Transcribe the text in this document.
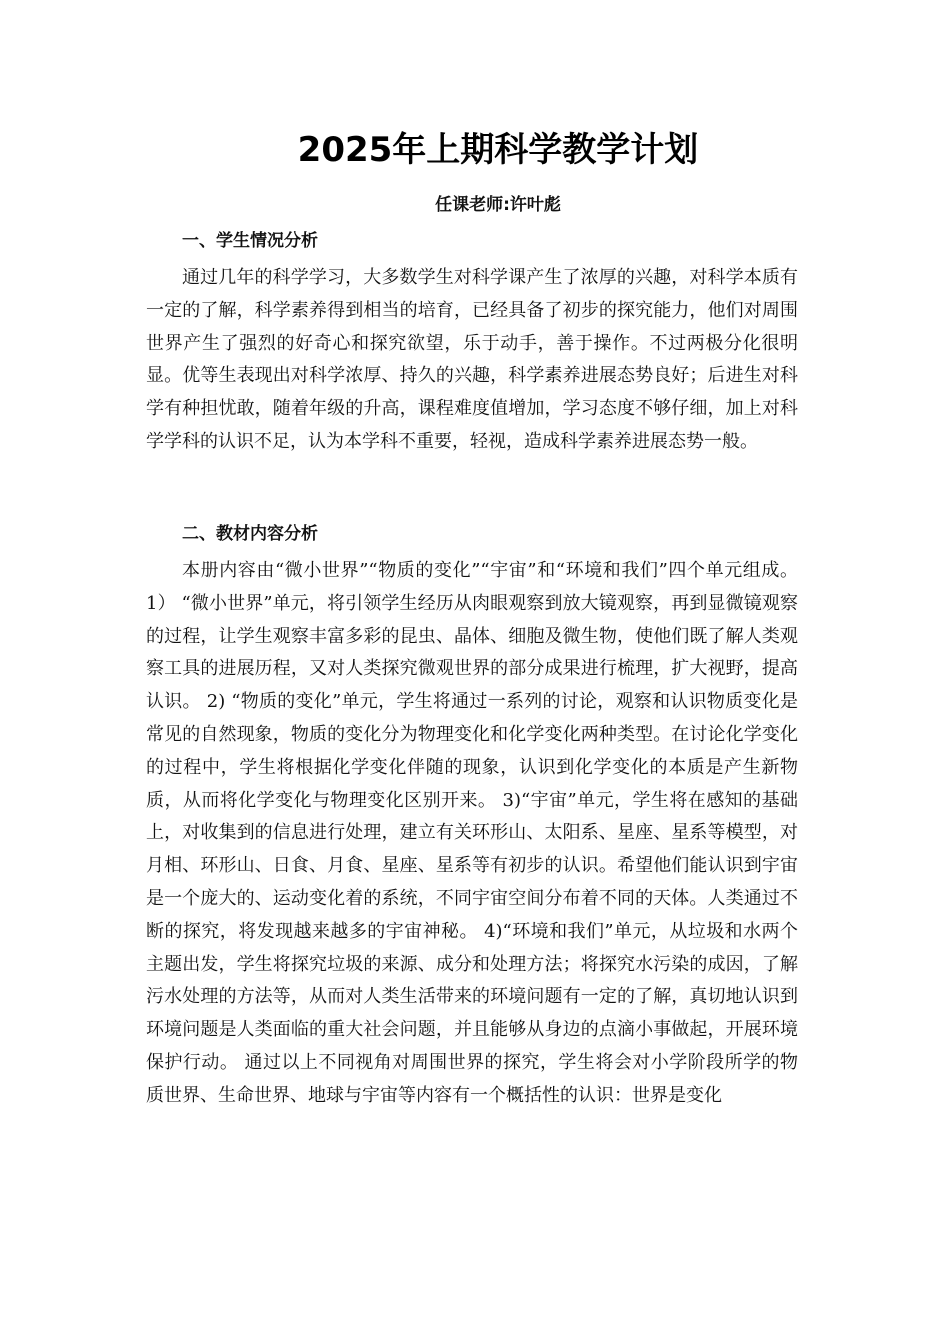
2025年上期科学教学计划
任课老师:许叶彪
一、学生情况分析

通过几年的科学学习，大多数学生对科学课产生了浓厚的兴趣，对科学本质有一定的了解，科学素养得到相当的培育，已经具备了初步的探究能力，他们对周围世界产生了强烈的好奇心和探究欲望，乐于动手，善于操作。不过两极分化很明显。优等生表现出对科学浓厚、持久的兴趣，科学素养进展态势良好；后进生对科学有种担忧敢，随着年级的升高，课程难度值增加，学习态度不够仔细，加上对科学学科的认识不足，认为本学科不重要，轻视，造成科学素养进展态势一般。

二、教材内容分析

本册内容由“微小世界”“物质的变化”“宇宙”和“环境和我们”四个单元组成。1） “微小世界”单元，将引领学生经历从肉眼观察到放大镜观察，再到显微镜观察的过程，让学生观察丰富多彩的昆虫、晶体、细胞及微生物，使他们既了解人类观察工具的进展历程，又对人类探究微观世界的部分成果进行梳理，扩大视野，提高认识。 2) “物质的变化”单元，学生将通过一系列的讨论，观察和认识物质变化是常见的自然现象，物质的变化分为物理变化和化学变化两种类型。在讨论化学变化的过程中，学生将根据化学变化伴随的现象，认识到化学变化的本质是产生新物质，从而将化学变化与物理变化区别开来。 3)“宇宙”单元，学生将在感知的基础上，对收集到的信息进行处理，建立有关环形山、太阳系、星座、星系等模型，对月相、环形山、日食、月食、星座、星系等有初步的认识。希望他们能认识到宇宙是一个庞大的、运动变化着的系统，不同宇宙空间分布着不同的天体。人类通过不断的探究，将发现越来越多的宇宙神秘。 4)“环境和我们”单元，从垃圾和水两个主题出发，学生将探究垃圾的来源、成分和处理方法；将探究水污染的成因，了解污水处理的方法等，从而对人类生活带来的环境问题有一定的了解，真切地认识到环境问题是人类面临的重大社会问题，并且能够从身边的点滴小事做起，开展环境保护行动。 通过以上不同视角对周围世界的探究，学生将会对小学阶段所学的物质世界、生命世界、地球与宇宙等内容有一个概括性的认识：世界是变化
